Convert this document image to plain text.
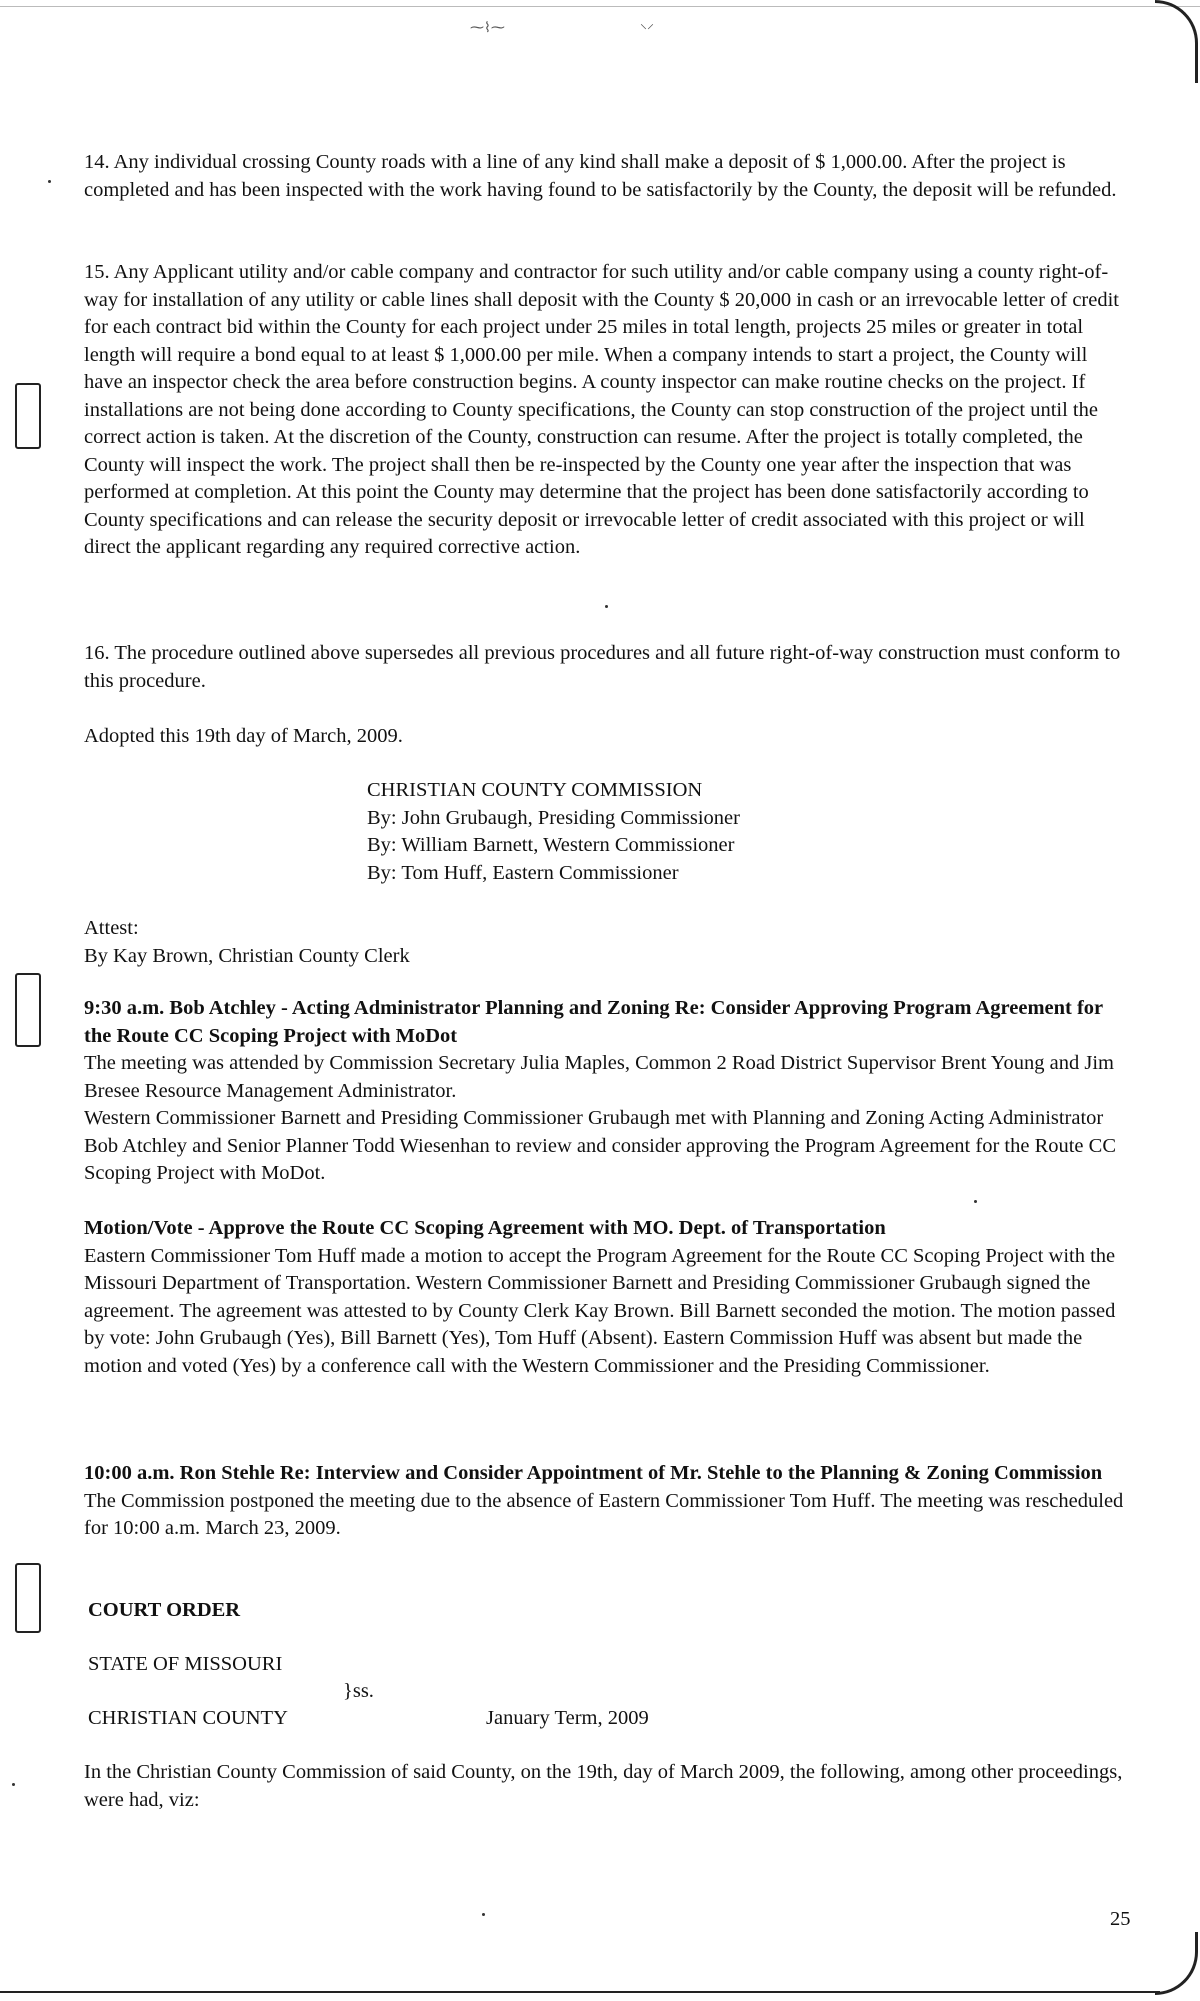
⁓⌇⁓	⸌⸍

14. Any individual crossing County roads with a line of any kind shall make a deposit of $ 1,000.00. After the project is completed and has been inspected with the work having found to be satisfactorily by the County, the deposit will be refunded.

15. Any Applicant utility and/or cable company and contractor for such utility and/or cable company using a county right-of-way for installation of any utility or cable lines shall deposit with the County $ 20,000 in cash or an irrevocable letter of credit for each contract bid within the County for each project under 25 miles in total length, projects 25 miles or greater in total length will require a bond equal to at least $ 1,000.00 per mile. When a company intends to start a project, the County will have an inspector check the area before construction begins. A county inspector can make routine checks on the project. If installations are not being done according to County specifications, the County can stop construction of the project until the correct action is taken. At the discretion of the County, construction can resume. After the project is totally completed, the County will inspect the work. The project shall then be re-inspected by the County one year after the inspection that was performed at completion. At this point the County may determine that the project has been done satisfactorily according to County specifications and can release the security deposit or irrevocable letter of credit associated with this project or will direct the applicant regarding any required corrective action.

16. The procedure outlined above supersedes all previous procedures and all future right-of-way construction must conform to this procedure.

Adopted this 19th day of March, 2009.

CHRISTIAN COUNTY COMMISSION
By: John Grubaugh, Presiding Commissioner
By: William Barnett, Western Commissioner
By: Tom Huff, Eastern Commissioner

Attest:

By Kay Brown, Christian County Clerk

9:30 a.m. Bob Atchley - Acting Administrator Planning and Zoning Re: Consider Approving Program Agreement for the Route CC Scoping Project with MoDot

The meeting was attended by Commission Secretary Julia Maples, Common 2 Road District Supervisor Brent Young and Jim Bresee Resource Management Administrator.

Western Commissioner Barnett and Presiding Commissioner Grubaugh met with Planning and Zoning Acting Administrator Bob Atchley and Senior Planner Todd Wiesenhan to review and consider approving the Program Agreement for the Route CC Scoping Project with MoDot.

Motion/Vote - Approve the Route CC Scoping Agreement with MO. Dept. of Transportation

Eastern Commissioner Tom Huff made a motion to accept the Program Agreement for the Route CC Scoping Project with the Missouri Department of Transportation. Western Commissioner Barnett and Presiding Commissioner Grubaugh signed the agreement. The agreement was attested to by County Clerk Kay Brown. Bill Barnett seconded the motion. The motion passed by vote: John Grubaugh (Yes), Bill Barnett (Yes), Tom Huff (Absent). Eastern Commission Huff was absent but made the motion and voted (Yes) by a conference call with the Western Commissioner and the Presiding Commissioner.

10:00 a.m. Ron Stehle Re: Interview and Consider Appointment of Mr. Stehle to the Planning & Zoning Commission

The Commission postponed the meeting due to the absence of Eastern Commissioner Tom Huff. The meeting was rescheduled for 10:00 a.m. March 23, 2009.

COURT ORDER
STATE OF MISSOURI
}ss.
CHRISTIAN COUNTY	January Term, 2009

In the Christian County Commission of said County, on the 19th, day of March 2009, the following, among other proceedings, were had, viz:

25
